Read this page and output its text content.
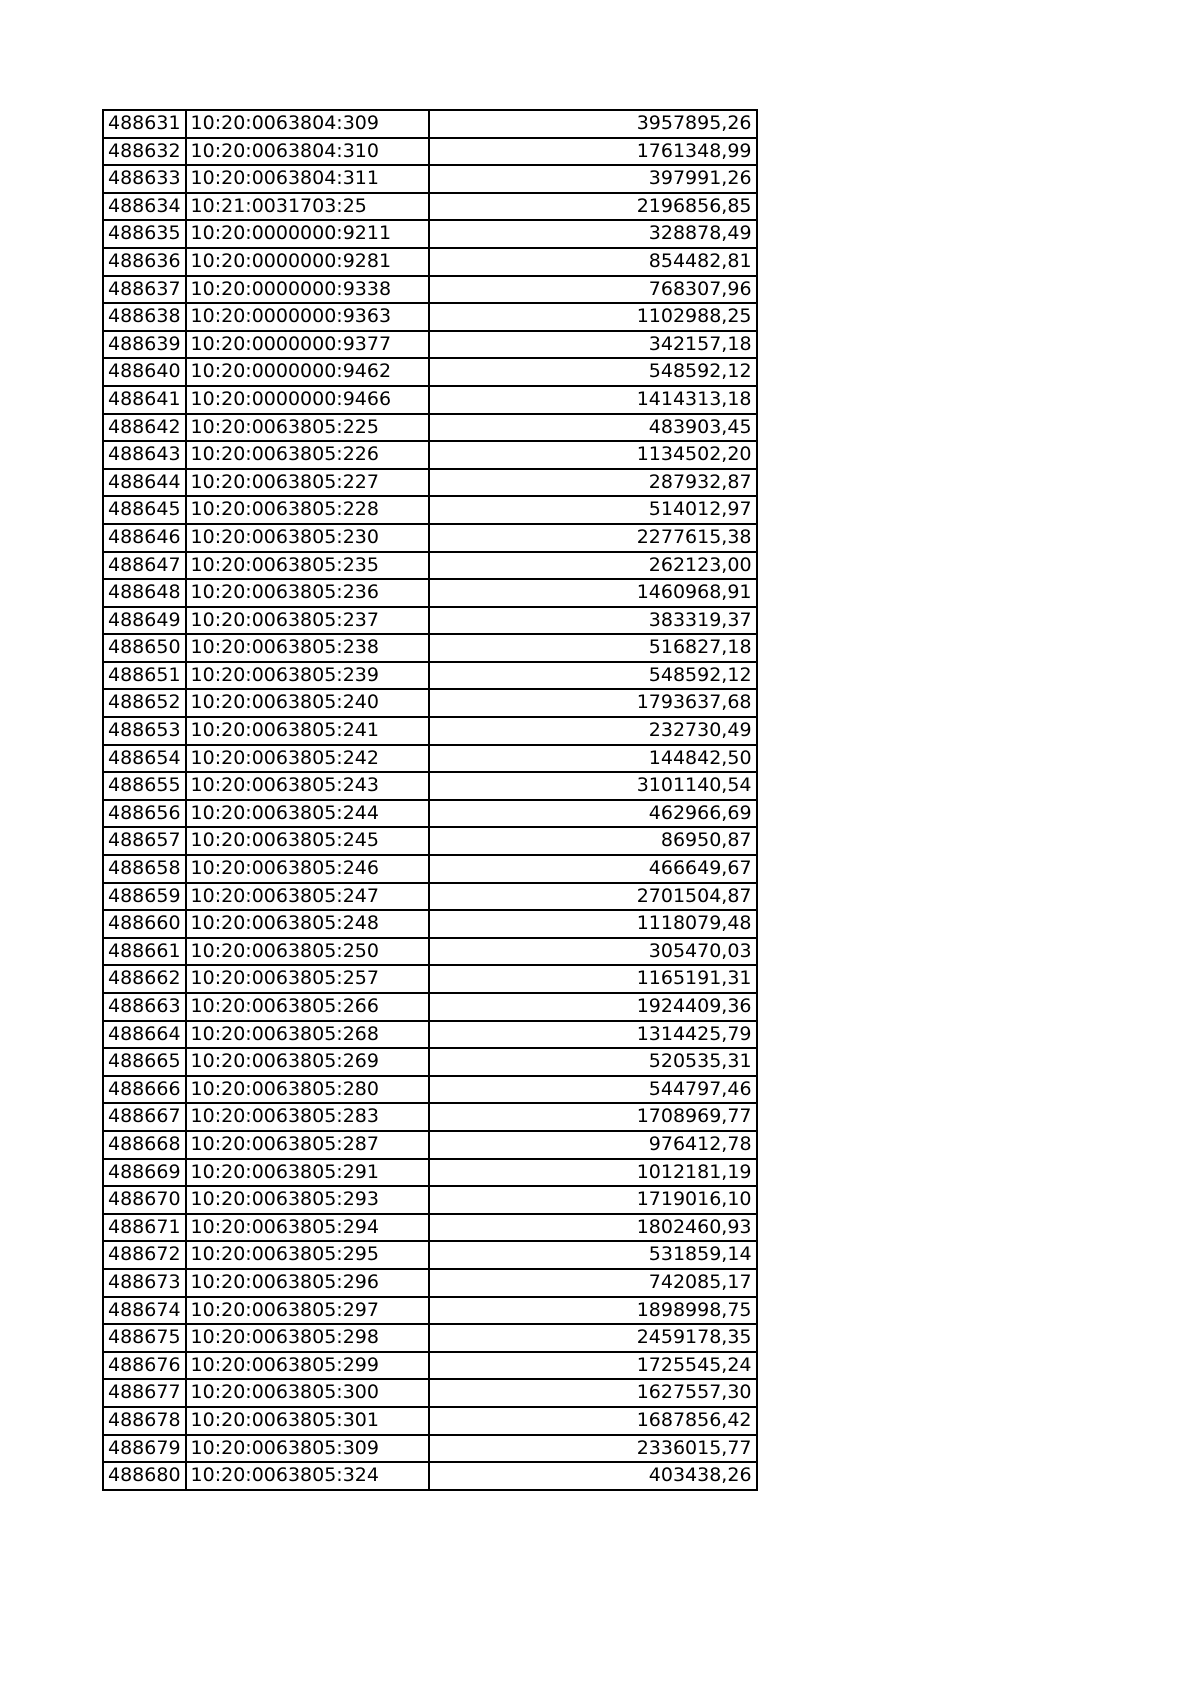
488631	10:20:0063804:309	3957895,26
488632	10:20:0063804:310	1761348,99
488633	10:20:0063804:311	397991,26
488634	10:21:0031703:25	2196856,85
488635	10:20:0000000:9211	328878,49
488636	10:20:0000000:9281	854482,81
488637	10:20:0000000:9338	768307,96
488638	10:20:0000000:9363	1102988,25
488639	10:20:0000000:9377	342157,18
488640	10:20:0000000:9462	548592,12
488641	10:20:0000000:9466	1414313,18
488642	10:20:0063805:225	483903,45
488643	10:20:0063805:226	1134502,20
488644	10:20:0063805:227	287932,87
488645	10:20:0063805:228	514012,97
488646	10:20:0063805:230	2277615,38
488647	10:20:0063805:235	262123,00
488648	10:20:0063805:236	1460968,91
488649	10:20:0063805:237	383319,37
488650	10:20:0063805:238	516827,18
488651	10:20:0063805:239	548592,12
488652	10:20:0063805:240	1793637,68
488653	10:20:0063805:241	232730,49
488654	10:20:0063805:242	144842,50
488655	10:20:0063805:243	3101140,54
488656	10:20:0063805:244	462966,69
488657	10:20:0063805:245	86950,87
488658	10:20:0063805:246	466649,67
488659	10:20:0063805:247	2701504,87
488660	10:20:0063805:248	1118079,48
488661	10:20:0063805:250	305470,03
488662	10:20:0063805:257	1165191,31
488663	10:20:0063805:266	1924409,36
488664	10:20:0063805:268	1314425,79
488665	10:20:0063805:269	520535,31
488666	10:20:0063805:280	544797,46
488667	10:20:0063805:283	1708969,77
488668	10:20:0063805:287	976412,78
488669	10:20:0063805:291	1012181,19
488670	10:20:0063805:293	1719016,10
488671	10:20:0063805:294	1802460,93
488672	10:20:0063805:295	531859,14
488673	10:20:0063805:296	742085,17
488674	10:20:0063805:297	1898998,75
488675	10:20:0063805:298	2459178,35
488676	10:20:0063805:299	1725545,24
488677	10:20:0063805:300	1627557,30
488678	10:20:0063805:301	1687856,42
488679	10:20:0063805:309	2336015,77
488680	10:20:0063805:324	403438,26
